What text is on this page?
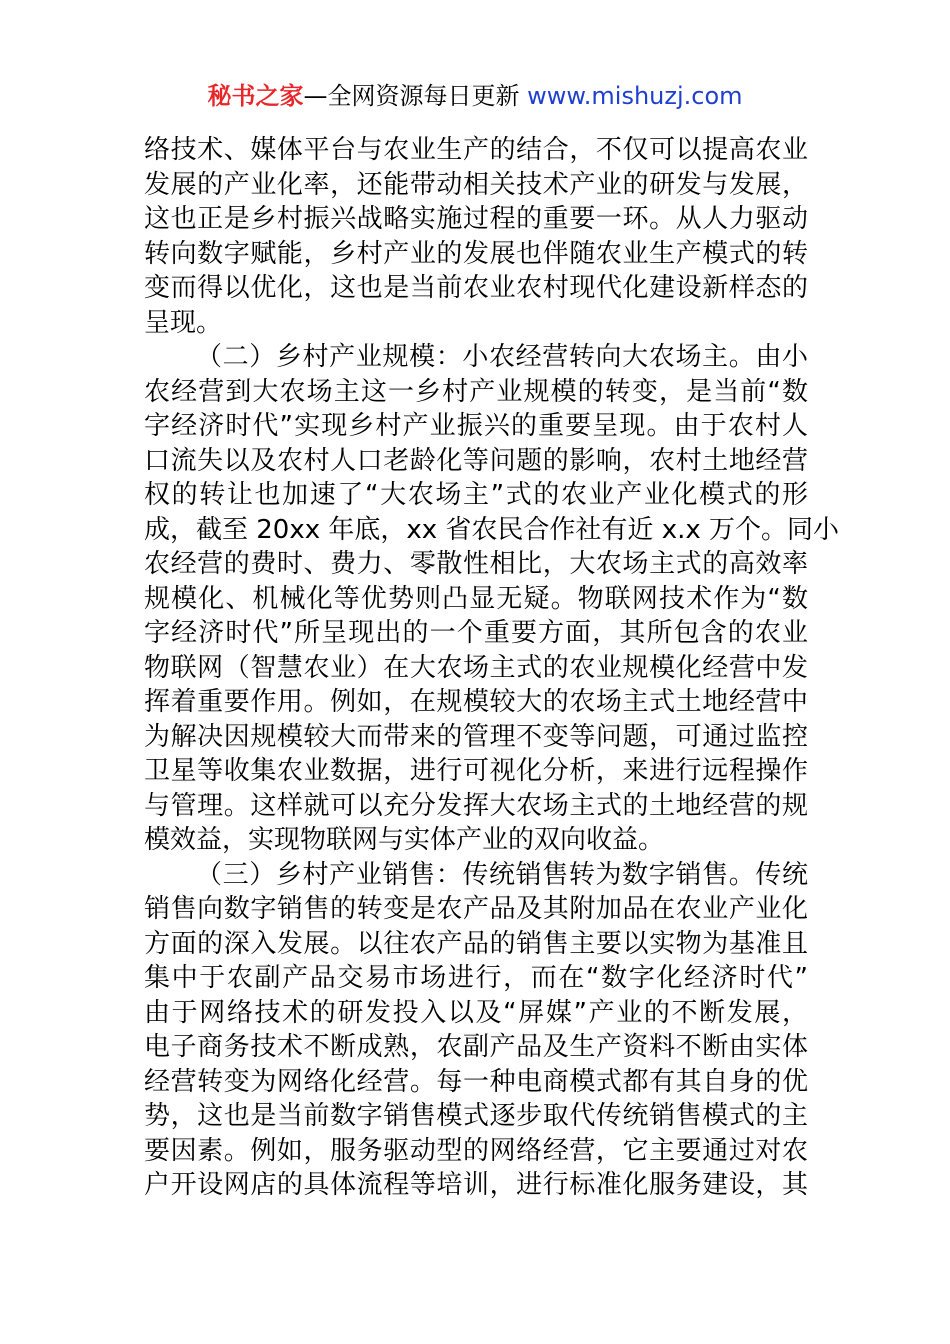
秘书之家—全网资源每日更新 www.mishuzj.com
络技术、媒体平台与农业生产的结合，不仅可以提高农业
发展的产业化率，还能带动相关技术产业的研发与发展，
这也正是乡村振兴战略实施过程的重要一环。从人力驱动
转向数字赋能，乡村产业的发展也伴随农业生产模式的转
变而得以优化，这也是当前农业农村现代化建设新样态的
呈现。
（二）乡村产业规模：小农经营转向大农场主。由小
农经营到大农场主这一乡村产业规模的转变，是当前“数
字经济时代”实现乡村产业振兴的重要呈现。由于农村人
口流失以及农村人口老龄化等问题的影响，农村土地经营
权的转让也加速了“大农场主”式的农业产业化模式的形
成，截至 20xx 年底，xx 省农民合作社有近 x.x 万个。同小
农经营的费时、费力、零散性相比，大农场主式的高效率
规模化、机械化等优势则凸显无疑。物联网技术作为“数
字经济时代”所呈现出的一个重要方面，其所包含的农业
物联网（智慧农业）在大农场主式的农业规模化经营中发
挥着重要作用。例如，在规模较大的农场主式土地经营中
为解决因规模较大而带来的管理不变等问题，可通过监控
卫星等收集农业数据，进行可视化分析，来进行远程操作
与管理。这样就可以充分发挥大农场主式的土地经营的规
模效益，实现物联网与实体产业的双向收益。
（三）乡村产业销售：传统销售转为数字销售。传统
销售向数字销售的转变是农产品及其附加品在农业产业化
方面的深入发展。以往农产品的销售主要以实物为基准且
集中于农副产品交易市场进行，而在“数字化经济时代”
由于网络技术的研发投入以及“屏媒”产业的不断发展，
电子商务技术不断成熟，农副产品及生产资料不断由实体
经营转变为网络化经营。每一种电商模式都有其自身的优
势，这也是当前数字销售模式逐步取代传统销售模式的主
要因素。例如，服务驱动型的网络经营，它主要通过对农
户开设网店的具体流程等培训，进行标准化服务建设，其
